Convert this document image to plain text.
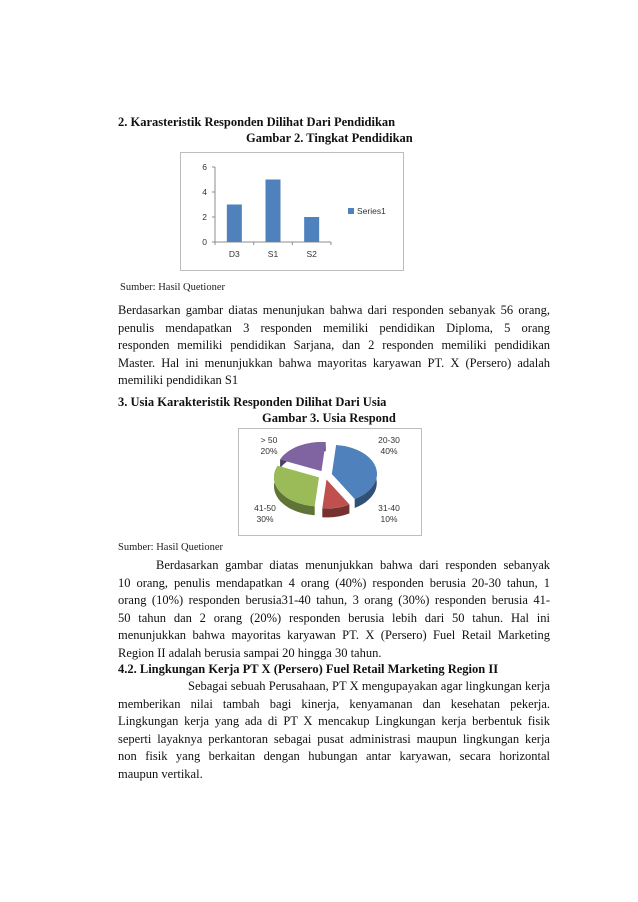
2. Karasteristik Responden Dilihat Dari Pendidikan
Gambar 2. Tingkat Pendidikan
0
2
4
6
D3	S1	S2
Series1
Sumber: Hasil Quetioner
Berdasarkan gambar diatas menunjukan bahwa dari responden sebanyak 56 orang,
penulis mendapatkan 3 responden memiliki pendidikan Diploma, 5 orang
responden memiliki pendidikan Sarjana, dan 2 responden memiliki pendidikan
Master. Hal ini menunjukkan bahwa mayoritas karyawan PT. X (Persero) adalah
memiliki pendidikan S1
3. Usia Karakteristik Responden Dilihat Dari Usia
Gambar 3. Usia Respond
20-30
40%
31-40
10%
41-50
30%
> 50
20%
Sumber: Hasil Quetioner
Berdasarkan gambar diatas menunjukkan bahwa dari responden sebanyak
10 orang, penulis mendapatkan 4 orang (40%) responden berusia 20-30 tahun, 1
orang (10%) responden berusia31-40 tahun, 3 orang (30%) responden berusia 41-
50 tahun dan 2 orang (20%) responden berusia lebih dari 50 tahun. Hal ini
menunjukkan bahwa mayoritas karyawan PT. X (Persero) Fuel Retail Marketing
Region II adalah berusia sampai 20 hingga 30 tahun.
4.2. Lingkungan Kerja PT X (Persero) Fuel Retail Marketing Region II
Sebagai sebuah Perusahaan, PT X mengupayakan agar lingkungan kerja
memberikan nilai tambah bagi kinerja, kenyamanan dan kesehatan pekerja.
Lingkungan kerja yang ada di PT X mencakup Lingkungan kerja berbentuk fisik
seperti layaknya perkantoran sebagai pusat administrasi maupun lingkungan kerja
non fisik yang berkaitan dengan hubungan antar karyawan, secara horizontal
maupun vertikal.
